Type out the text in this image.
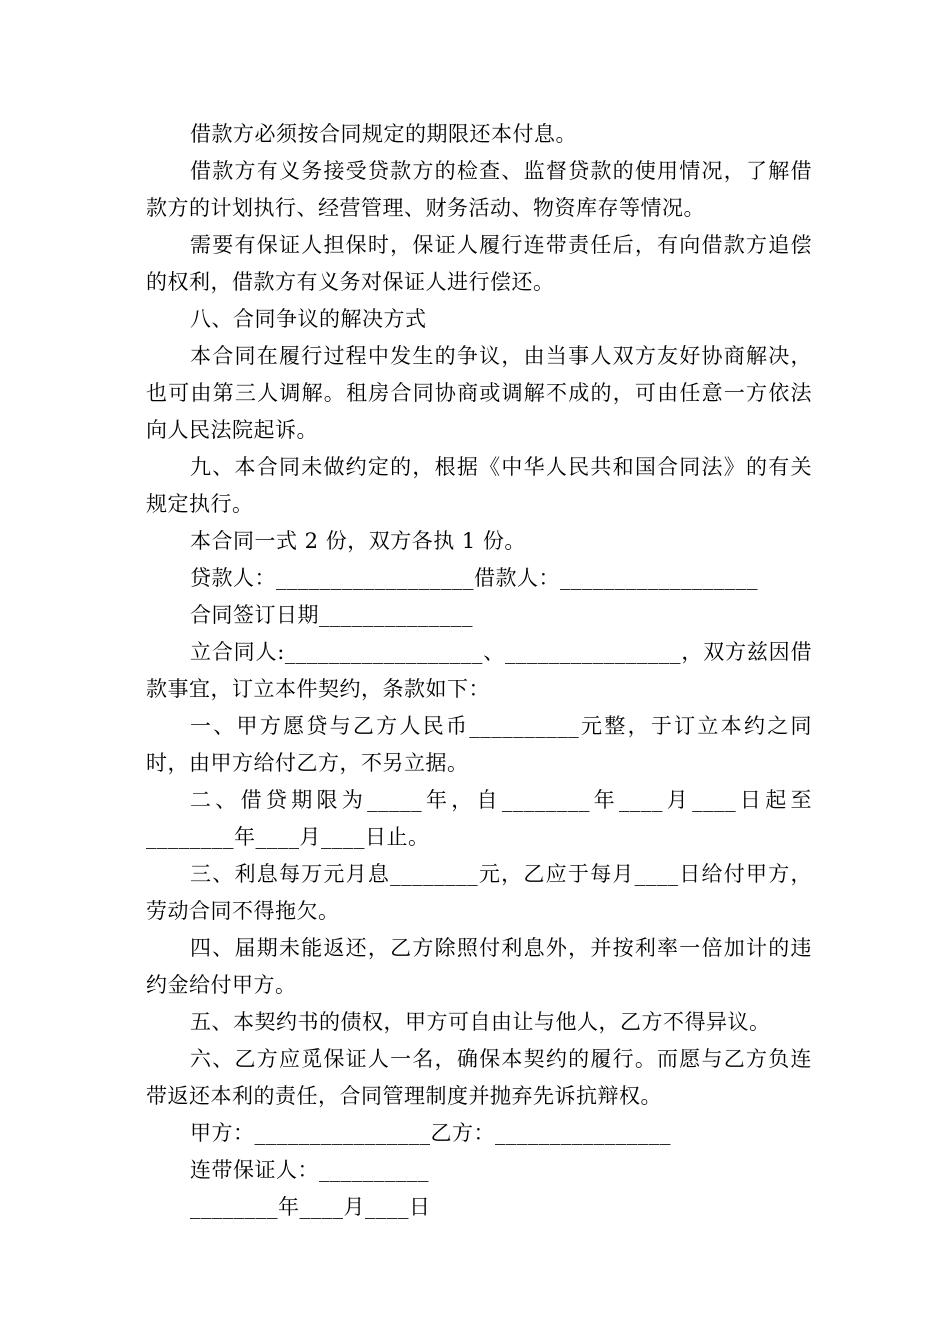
借款方必须按合同规定的期限还本付息。

借款方有义务接受贷款方的检查、监督贷款的使用情况，了解借款方的计划执行、经营管理、财务活动、物资库存等情况。

需要有保证人担保时，保证人履行连带责任后，有向借款方追偿的权利，借款方有义务对保证人进行偿还。

八、合同争议的解决方式

本合同在履行过程中发生的争议，由当事人双方友好协商解决，也可由第三人调解。租房合同协商或调解不成的，可由任意一方依法向人民法院起诉。

九、本合同未做约定的，根据《中华人民共和国合同法》的有关规定执行。

本合同一式 2 份，双方各执 1 份。

贷款人：__________________借款人：__________________

合同签订日期______________

立合同人:__________________、________________，双方兹因借款事宜，订立本件契约，条款如下：

一、甲方愿贷与乙方人民币__________元整，于订立本约之同时，由甲方给付乙方，不另立据。

二、借贷期限为_____年，自________年____月____日起至________年____月____日止。

三、利息每万元月息________元，乙应于每月____日给付甲方，劳动合同不得拖欠。

四、届期未能返还，乙方除照付利息外，并按利率一倍加计的违约金给付甲方。

五、本契约书的债权，甲方可自由让与他人，乙方不得异议。

六、乙方应觅保证人一名，确保本契约的履行。而愿与乙方负连带返还本利的责任，合同管理制度并抛弃先诉抗辩权。

甲方：________________乙方：________________

连带保证人：__________

________年____月____日
